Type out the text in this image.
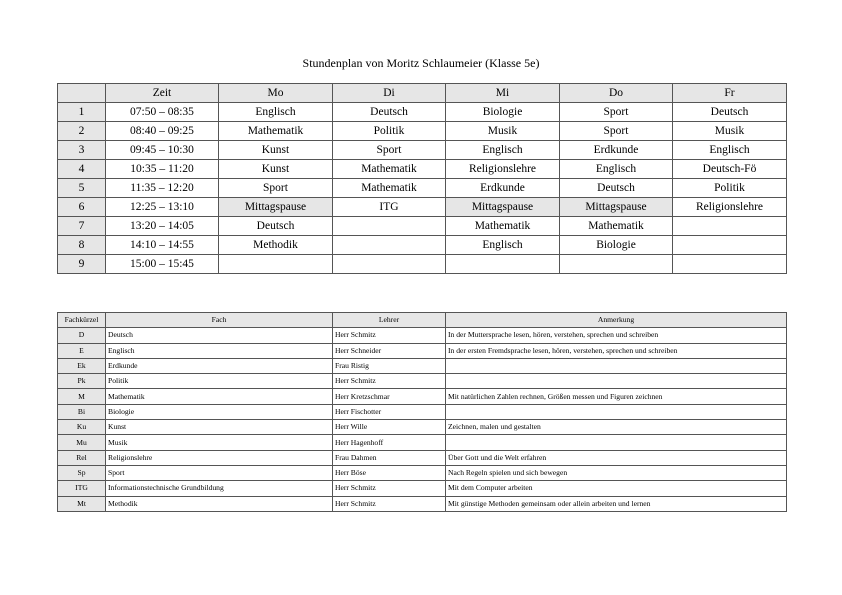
Stundenplan von Moritz Schlaumeier (Klasse 5e)
	Zeit	Mo	Di	Mi	Do	Fr
1	07:50 – 08:35	Englisch	Deutsch	Biologie	Sport	Deutsch
2	08:40 – 09:25	Mathematik	Politik	Musik	Sport	Musik
3	09:45 – 10:30	Kunst	Sport	Englisch	Erdkunde	Englisch
4	10:35 – 11:20	Kunst	Mathematik	Religionslehre	Englisch	Deutsch-Fö
5	11:35 – 12:20	Sport	Mathematik	Erdkunde	Deutsch	Politik
6	12:25 – 13:10	Mittagspause	ITG	Mittagspause	Mittagspause	Religionslehre
7	13:20 – 14:05	Deutsch		Mathematik	Mathematik	
8	14:10 – 14:55	Methodik		Englisch	Biologie	
9	15:00 – 15:45					
Fachkürzel	Fach	Lehrer	Anmerkung
D	Deutsch	Herr Schmitz	In der Muttersprache lesen, hören, verstehen, sprechen und schreiben
E	Englisch	Herr Schneider	In der ersten Fremdsprache lesen, hören, verstehen, sprechen und schreiben
Ek	Erdkunde	Frau Ristig	
Pk	Politik	Herr Schmitz	
M	Mathematik	Herr Kretzschmar	Mit natürlichen Zahlen rechnen, Größen messen und Figuren zeichnen
Bi	Biologie	Herr Fischotter	
Ku	Kunst	Herr Wille	Zeichnen, malen und gestalten
Mu	Musik	Herr Hagenhoff	
Rel	Religionslehre	Frau Dahmen	Über Gott und die Welt erfahren
Sp	Sport	Herr Böse	Nach Regeln spielen und sich bewegen
ITG	Informationstechnische Grundbildung	Herr Schmitz	Mit dem Computer arbeiten
Mt	Methodik	Herr Schmitz	Mit günstige Methoden gemeinsam oder allein arbeiten und lernen
